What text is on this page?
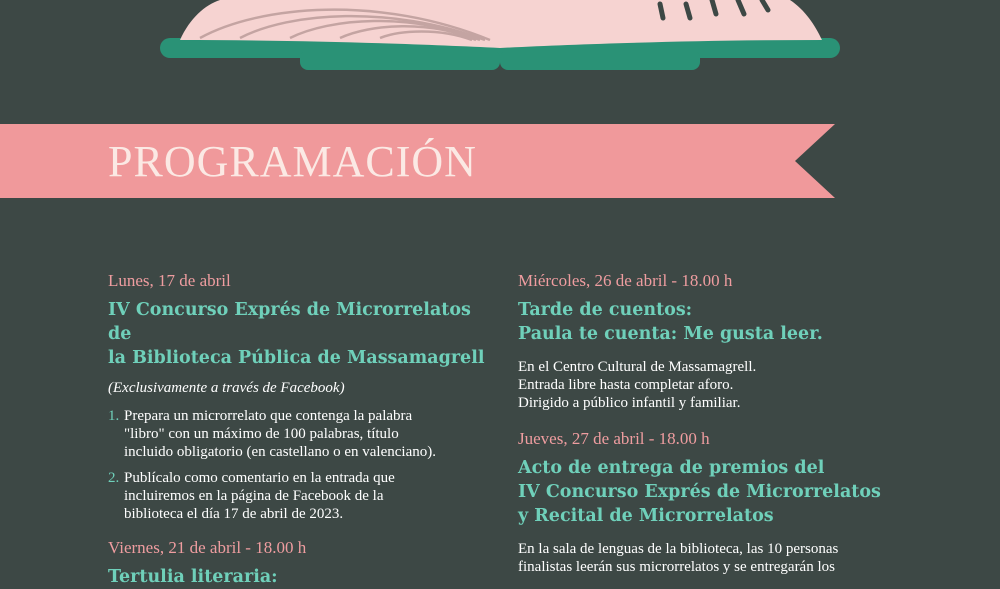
PROGRAMACIÓN

Lunes, 17 de abril

IV Concurso Exprés de Microrrelatos de
la Biblioteca Pública de Massamagrell

(Exclusivamente a través de Facebook)

1. Prepara un microrrelato que contenga la palabra
"libro" con un máximo de 100 palabras, título
incluido obligatorio (en castellano o en valenciano).
2. Publícalo como comentario en la entrada que
incluiremos en la página de Facebook de la
biblioteca el día 17 de abril de 2023.

Viernes, 21 de abril - 18.00 h

Tertulia literaria:

Miércoles, 26 de abril - 18.00 h

Tarde de cuentos:
Paula te cuenta: Me gusta leer.

En el Centro Cultural de Massamagrell.
Entrada libre hasta completar aforo.
Dirigido a público infantil y familiar.

Jueves, 27 de abril - 18.00 h

Acto de entrega de premios del
IV Concurso Exprés de Microrrelatos
y Recital de Microrrelatos

En la sala de lenguas de la biblioteca, las 10 personas
finalistas leerán sus microrrelatos y se entregarán los
